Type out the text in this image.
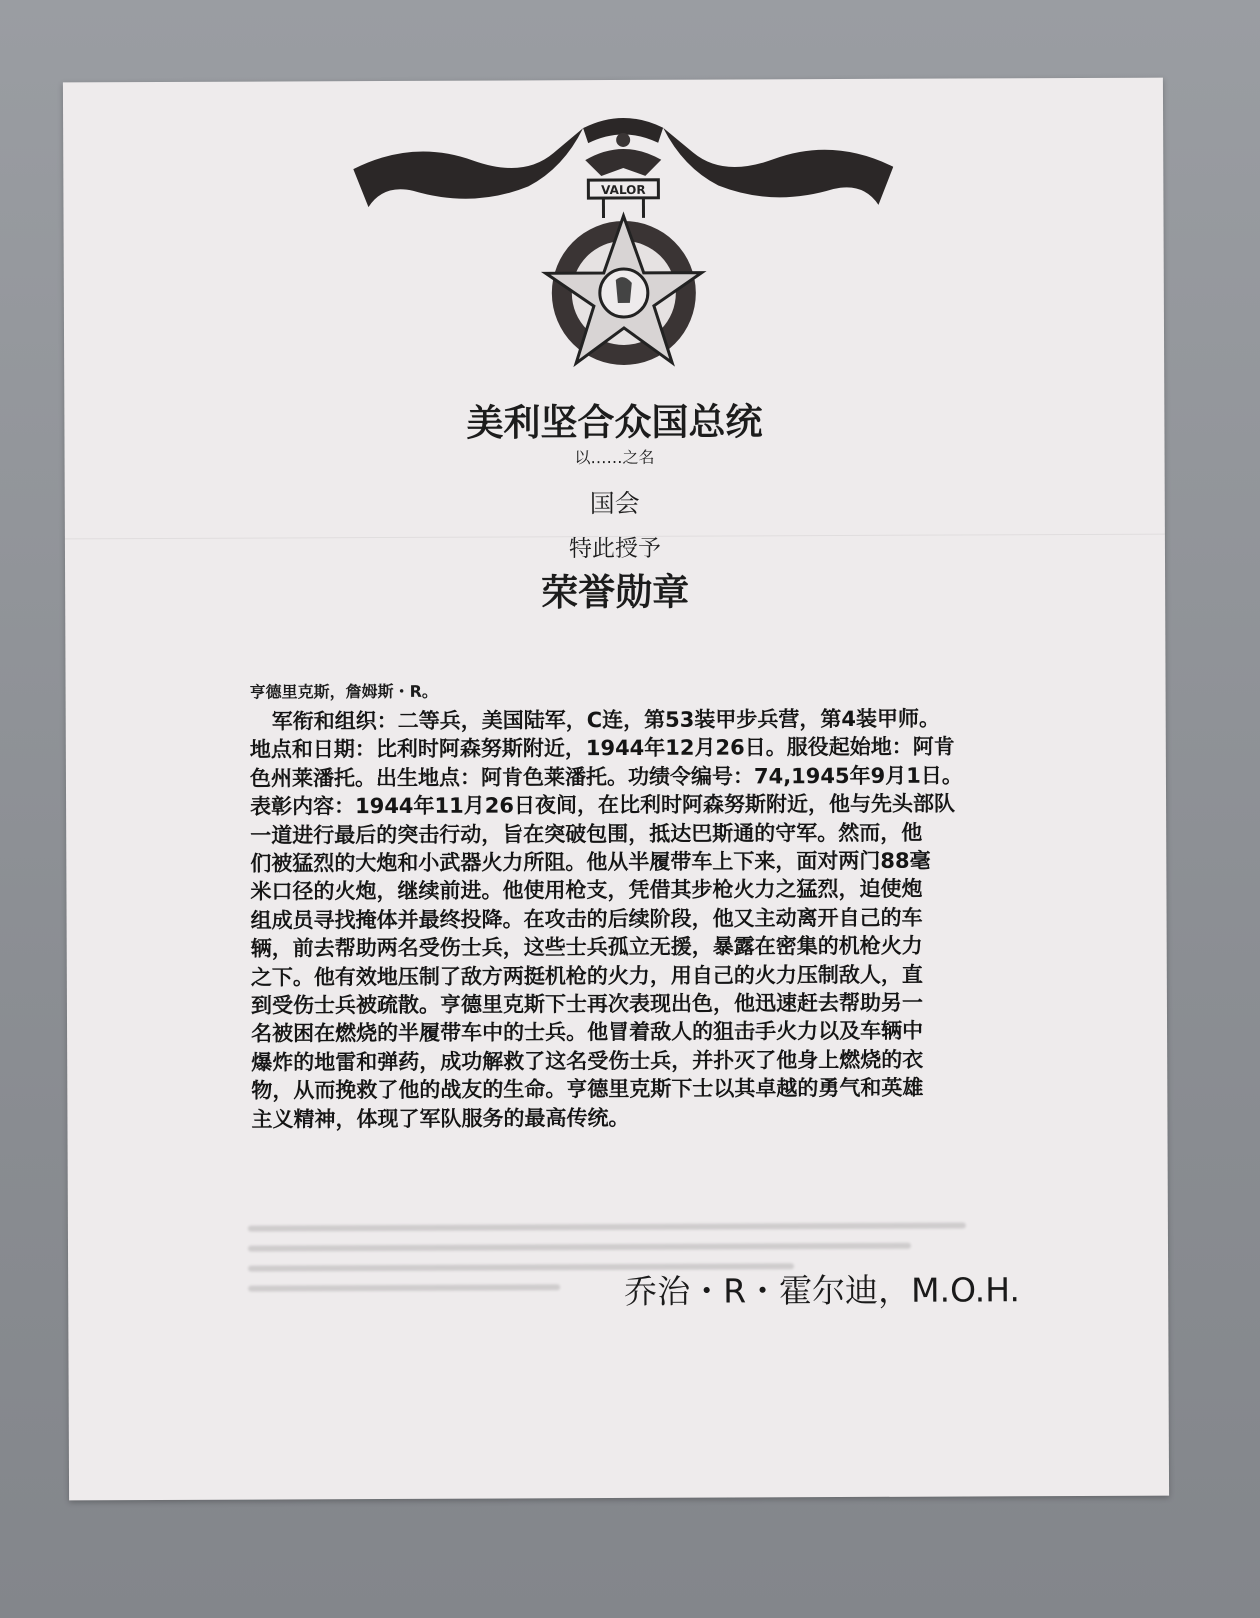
VALOR
美利坚合众国总统
以……之名
国会
特此授予
荣誉勋章
亨德里克斯，詹姆斯・R。
军衔和组织：二等兵，美国陆军，C连，第53装甲步兵营，第4装甲师。
地点和日期：比利时阿森努斯附近，1944年12月26日。服役起始地：阿肯
色州莱潘托。出生地点：阿肯色莱潘托。功绩令编号：74,1945年9月1日。
表彰内容：1944年11月26日夜间，在比利时阿森努斯附近，他与先头部队
一道进行最后的突击行动，旨在突破包围，抵达巴斯通的守军。然而，他
们被猛烈的大炮和小武器火力所阻。他从半履带车上下来，面对两门88毫
米口径的火炮，继续前进。他使用枪支，凭借其步枪火力之猛烈，迫使炮
组成员寻找掩体并最终投降。在攻击的后续阶段，他又主动离开自己的车
辆，前去帮助两名受伤士兵，这些士兵孤立无援，暴露在密集的机枪火力
之下。他有效地压制了敌方两挺机枪的火力，用自己的火力压制敌人，直
到受伤士兵被疏散。亨德里克斯下士再次表现出色，他迅速赶去帮助另一
名被困在燃烧的半履带车中的士兵。他冒着敌人的狙击手火力以及车辆中
爆炸的地雷和弹药，成功解救了这名受伤士兵，并扑灭了他身上燃烧的衣
物，从而挽救了他的战友的生命。亨德里克斯下士以其卓越的勇气和英雄
主义精神，体现了军队服务的最高传统。
乔治・R・霍尔迪，M.O.H.
